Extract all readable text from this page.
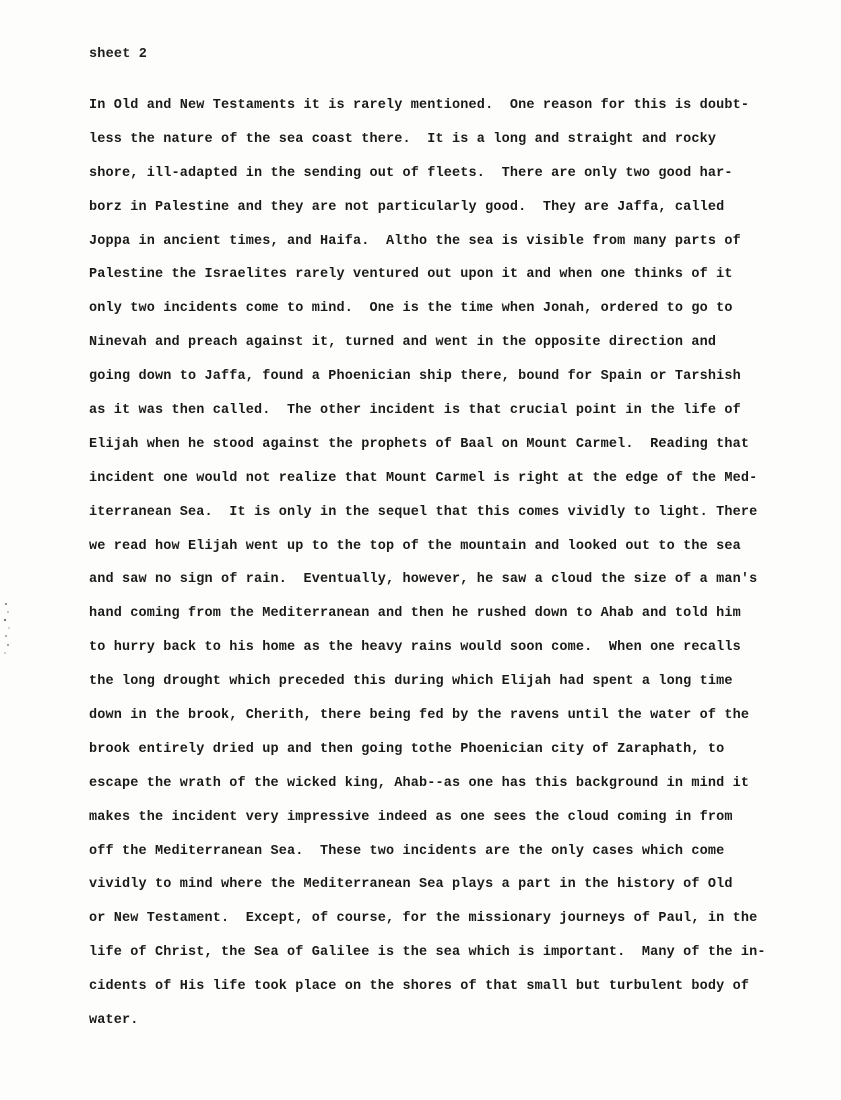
sheet 2
In Old and New Testaments it is rarely mentioned.  One reason for this is doubt-
less the nature of the sea coast there.  It is a long and straight and rocky
shore, ill-adapted in the sending out of fleets.  There are only two good har-
borz in Palestine and they are not particularly good.  They are Jaffa, called
Joppa in ancient times, and Haifa.  Altho the sea is visible from many parts of
Palestine the Israelites rarely ventured out upon it and when one thinks of it
only two incidents come to mind.  One is the time when Jonah, ordered to go to
Ninevah and preach against it, turned and went in the opposite direction and
going down to Jaffa, found a Phoenician ship there, bound for Spain or Tarshish
as it was then called.  The other incident is that crucial point in the life of
Elijah when he stood against the prophets of Baal on Mount Carmel.  Reading that
incident one would not realize that Mount Carmel is right at the edge of the Med-
iterranean Sea.  It is only in the sequel that this comes vividly to light. There
we read how Elijah went up to the top of the mountain and looked out to the sea
and saw no sign of rain.  Eventually, however, he saw a cloud the size of a man's
hand coming from the Mediterranean and then he rushed down to Ahab and told him
to hurry back to his home as the heavy rains would soon come.  When one recalls
the long drought which preceded this during which Elijah had spent a long time
down in the brook, Cherith, there being fed by the ravens until the water of the
brook entirely dried up and then going tothe Phoenician city of Zaraphath, to
escape the wrath of the wicked king, Ahab--as one has this background in mind it
makes the incident very impressive indeed as one sees the cloud coming in from
off the Mediterranean Sea.  These two incidents are the only cases which come
vividly to mind where the Mediterranean Sea plays a part in the history of Old
or New Testament.  Except, of course, for the missionary journeys of Paul, in the
life of Christ, the Sea of Galilee is the sea which is important.  Many of the in-
cidents of His life took place on the shores of that small but turbulent body of
water.
